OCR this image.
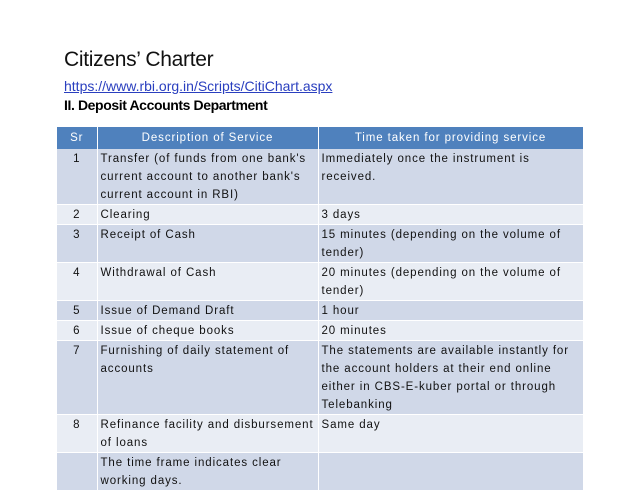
Citizens’ Charter
https://www.rbi.org.in/Scripts/CitiChart.aspx
II. Deposit Accounts Department
Sr	Description of Service	Time taken for providing service
1	Transfer (of funds from one bank's current account to another bank's current account in RBI)	Immediately once the instrument is received.
2	Clearing	3 days
3	Receipt of Cash	15 minutes (depending on the volume of tender)
4	Withdrawal of Cash	20 minutes (depending on the volume of tender)
5	Issue of Demand Draft	1 hour
6	Issue of cheque books	20 minutes
7	Furnishing of daily statement of accounts	The statements are available instantly for the account holders at their end online either in CBS-E-kuber portal or through Telebanking
8	Refinance facility and disbursement of loans	Same day
	The time frame indicates clear working days.	
